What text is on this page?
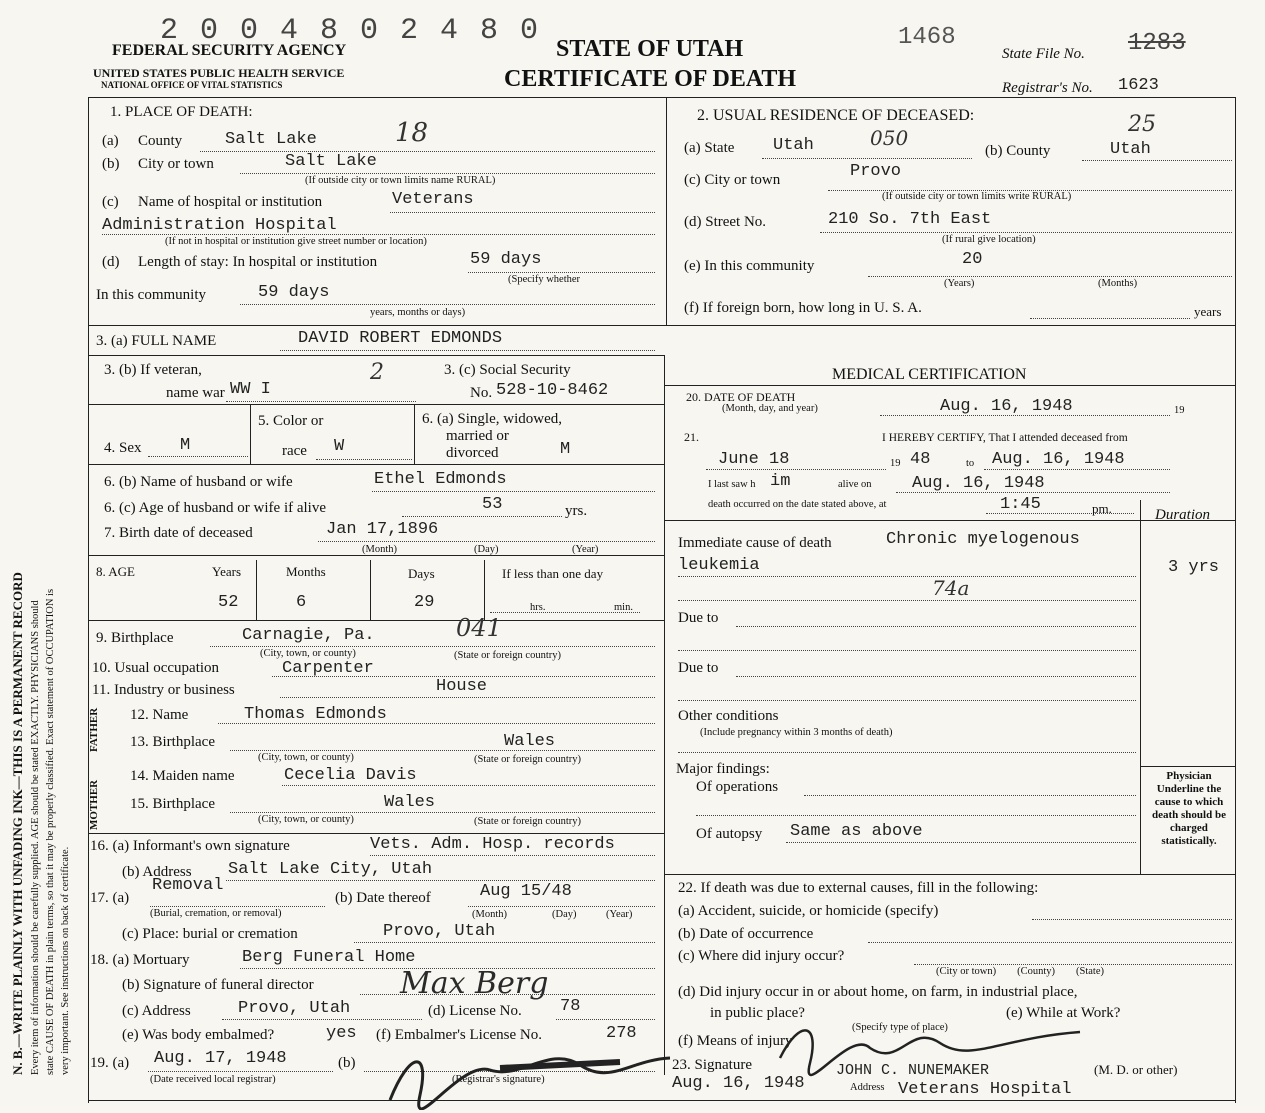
N. B.—WRITE PLAINLY WITH UNFADING INK—THIS IS A PERMANENT RECORD Every item of information should be carefully supplied. AGE should be stated EXACTLY. PHYSICIANS should state CAUSE OF DEATH in plain terms, so that it may be properly classified. Exact statement of OCCUPATION is very important. See instructions on back of certificate.
2 0 0 4 8 0 2 4 8 0
FEDERAL SECURITY AGENCY
UNITED STATES PUBLIC HEALTH SERVICE
NATIONAL OFFICE OF VITAL STATISTICS
STATE OF UTAH
CERTIFICATE OF DEATH
1468
State File No. 1283
Registrar's No. 1623
1. PLACE OF DEATH:
(a) County	Salt Lake	18
(b) City or town	Salt Lake
(If outside city or town limits name RURAL)
(c) Name of hospital or institution	Veterans
Administration Hospital
(If not in hospital or institution give street number or location)
(d) Length of stay: In hospital or institution	59 days
(Specify whether
In this community	59 days
years, months or days)
2. USUAL RESIDENCE OF DECEASED:
(a) State Utah	050
(b) County	Utah
25
(c) City or town	Provo
(If outside city or town limits write RURAL)
(d) Street No.	210 So. 7th East
(If rural give location)
(e) In this community	20
(Years)	(Months)
(f) If foreign born, how long in U. S. A.	years
3. (a) FULL NAME	DAVID ROBERT EDMONDS
3. (b) If veteran,
name war WW I
2	3. (c) Social Security
No. 528-10-8462
4. Sex M
5. Color or
race W
6. (a) Single, widowed,
married or
divorced	M
6. (b) Name of husband or wife	Ethel Edmonds
6. (c) Age of husband or wife if alive	53	yrs.
7. Birth date of deceased	Jan 17,1896
(Month)	(Day)	(Year)
8. AGE	Years	Months	Days	If less than one day
52	6	29	hrs.	min.
9. Birthplace	Carnagie, Pa.	041
(City, town, or county)	(State or foreign country)
10. Usual occupation	Carpenter
11. Industry or business	House
FATHER
MOTHER
12. Name	Thomas Edmonds
13. Birthplace	Wales
(City, town, or county)	(State or foreign country)
14. Maiden name	Cecelia Davis
15. Birthplace	Wales
(City, town, or county)	(State or foreign country)
16. (a) Informant's own signature	Vets. Adm. Hosp. records
(b) Address Salt Lake City, Utah
17. (a)
Removal
(Burial, cremation, or removal)
(b) Date thereof	Aug 15/48
(Month)	(Day)	(Year)
(c) Place: burial or cremation	Provo, Utah
18. (a) Mortuary	Berg Funeral Home
(b) Signature of funeral director	Max Berg
(c) Address	Provo, Utah	(d) License No. 78
(e) Was body embalmed?	yes (f) Embalmer's License No.	278
19. (a) Aug. 17, 1948
(Date received local registrar)
(b)
(Registrar's signature)
MEDICAL CERTIFICATION
20. DATE OF DEATH
(Month, day, and year)	Aug. 16, 1948	19
21.	I HEREBY CERTIFY, That I attended deceased from
June 18	19 48	to Aug. 16, 1948
I last saw h im	alive on Aug. 16, 1948
death occurred on the date stated above, at	1:45	pm.	Duration
Immediate cause of death	Chronic myelogenous
leukemia	3 yrs
74a
Due to
Due to
Other conditions
(Include pregnancy within 3 months of death)
Major findings:
Of operations
Of autopsy Same as above
Physician Underline the cause to which death should be charged statistically.
22. If death was due to external causes, fill in the following:
(a) Accident, suicide, or homicide (specify)
(b) Date of occurrence
(c) Where did injury occur?
(City or town)        (County)        (State)
(d) Did injury occur in or about home, on farm, in industrial place,
in public place?
(Specify type of place)
(e) While at Work?
(f) Means of injury
23. Signature	JOHN C. NUNEMAKER	(M. D. or other)
Aug. 16, 1948	Address Veterans Hospital
